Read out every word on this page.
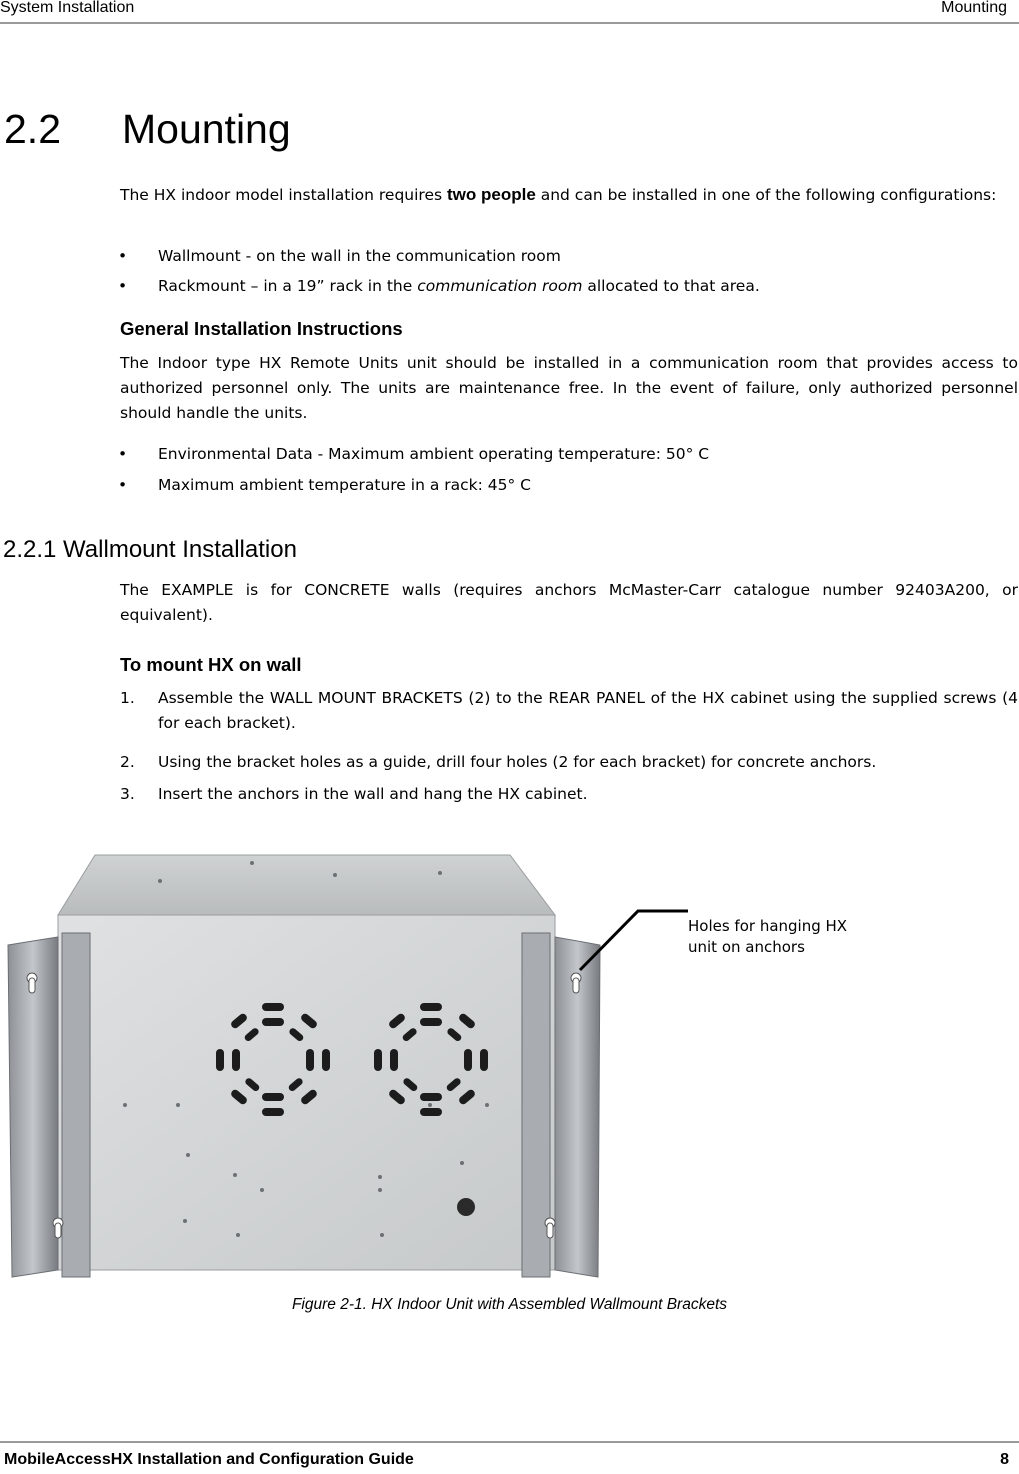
System Installation	Mounting
2.2 Mounting
The HX indoor model installation requires two people and can be installed in one of the following configurations:
• Wallmount - on the wall in the communication room
• Rackmount – in a 19” rack in the communication room allocated to that area.
General Installation Instructions
The Indoor type HX Remote Units unit should be installed in a communication room that provides access to authorized personnel only. The units are maintenance free. In the event of failure, only authorized personnel should handle the units.
• Environmental Data - Maximum ambient operating temperature: 50° C
• Maximum ambient temperature in a rack: 45° C
2.2.1 Wallmount Installation
The EXAMPLE is for CONCRETE walls (requires anchors McMaster-Carr catalogue number 92403A200, or equivalent).
To mount HX on wall
1. Assemble the WALL MOUNT BRACKETS (2) to the REAR PANEL of the HX cabinet using the supplied screws (4 for each bracket).
2. Using the bracket holes as a guide, drill four holes (2 for each bracket) for concrete anchors.
3. Insert the anchors in the wall and hang the HX cabinet.
Holes for hanging HX
unit on anchors
Figure 2-1. HX Indoor Unit with Assembled Wallmount Brackets
MobileAccessHX Installation and Configuration Guide	8
